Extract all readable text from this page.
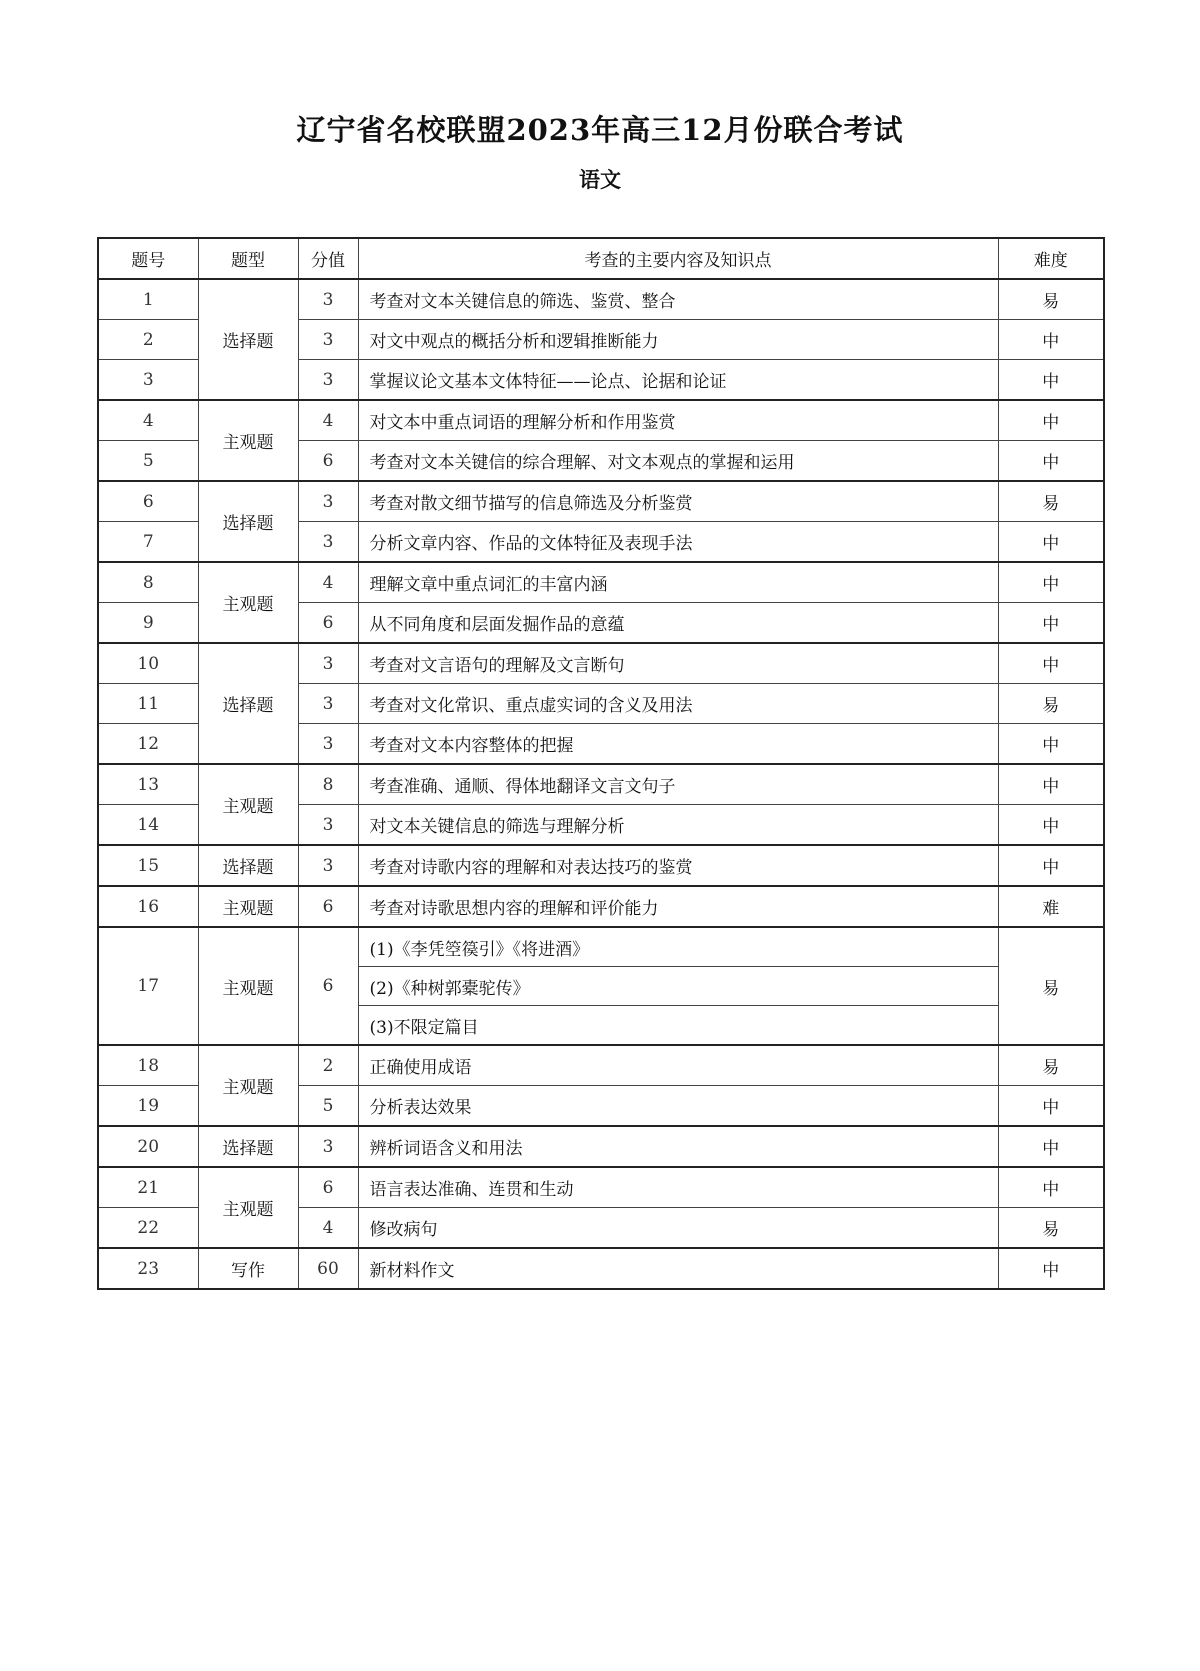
辽宁省名校联盟2023年高三12月份联合考试
语文
题号	题型	分值	考查的主要内容及知识点	难度
1	选择题	3	考查对文本关键信息的筛选、鉴赏、整合	易
2		3	对文中观点的概括分析和逻辑推断能力	中
3		3	掌握议论文基本文体特征——论点、论据和论证	中
4	主观题	4	对文本中重点词语的理解分析和作用鉴赏	中
5		6	考查对文本关键信的综合理解、对文本观点的掌握和运用	中
6	选择题	3	考查对散文细节描写的信息筛选及分析鉴赏	易
7		3	分析文章内容、作品的文体特征及表现手法	中
8	主观题	4	理解文章中重点词汇的丰富内涵	中
9		6	从不同角度和层面发掘作品的意蕴	中
10	选择题	3	考查对文言语句的理解及文言断句	中
11		3	考查对文化常识、重点虚实词的含义及用法	易
12		3	考查对文本内容整体的把握	中
13	主观题	8	考查准确、通顺、得体地翻译文言文句子	中
14		3	对文本关键信息的筛选与理解分析	中
15	选择题	3	考查对诗歌内容的理解和对表达技巧的鉴赏	中
16	主观题	6	考查对诗歌思想内容的理解和评价能力	难
17	主观题	6	(1)《李凭箜篌引》《将进酒》	易
			(2)《种树郭橐驼传》	
			(3)不限定篇目	
18	主观题	2	正确使用成语	易
19		5	分析表达效果	中
20	选择题	3	辨析词语含义和用法	中
21	主观题	6	语言表达准确、连贯和生动	中
22		4	修改病句	易
23	写作	60	新材料作文	中
